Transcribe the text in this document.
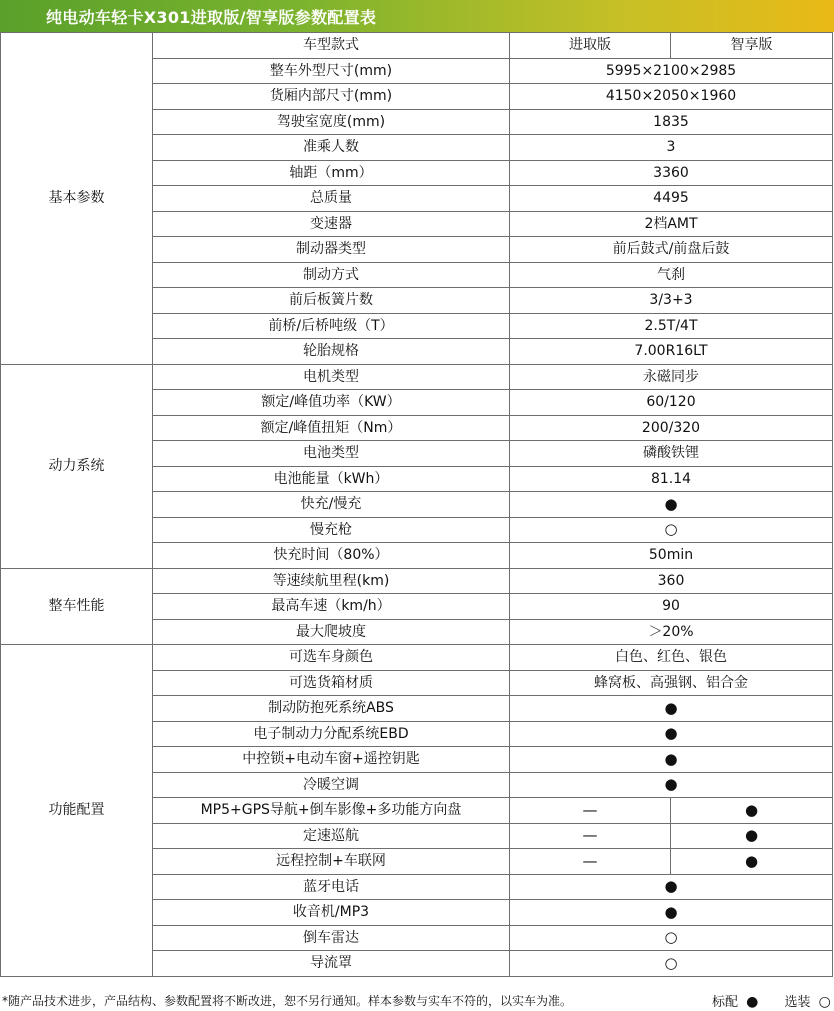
纯电动车轻卡X301进取版/智享版参数配置表
基本参数	车型款式	进取版	智享版
	整车外型尺寸(mm)	5995×2100×2985	
	货厢内部尺寸(mm)	4150×2050×1960	
	驾驶室宽度(mm)	1835	
	准乘人数	3	
	轴距（mm）	3360	
	总质量	4495	
	变速器	2档AMT	
	制动器类型	前后鼓式/前盘后鼓	
	制动方式	气刹	
	前后板簧片数	3/3+3	
	前桥/后桥吨级（T）	2.5T/4T	
	轮胎规格	7.00R16LT	
动力系统	电机类型	永磁同步	
	额定/峰值功率（KW）	60/120	
	额定/峰值扭矩（Nm）	200/320	
	电池类型	磷酸铁锂	
	电池能量（kWh）	81.14	
	快充/慢充	●	
	慢充枪	○	
	快充时间（80%）	50min	
整车性能	等速续航里程(km)	360	
	最高车速（km/h）	90	
	最大爬坡度	＞20%	
功能配置	可选车身颜色	白色、红色、银色	
	可选货箱材质	蜂窝板、高强钢、铝合金	
	制动防抱死系统ABS	●	
	电子制动力分配系统EBD	●	
	中控锁+电动车窗+遥控钥匙	●	
	冷暖空调	●	
	MP5+GPS导航+倒车影像+多功能方向盘	—	●
	定速巡航	—	●
	远程控制+车联网	—	●
	蓝牙电话	●	
	收音机/MP3	●	
	倒车雷达	○	
	导流罩	○	
*随产品技术进步，产品结构、参数配置将不断改进，恕不另行通知。样本参数与实车不符的，以实车为准。	标配 ● 选装 ○
